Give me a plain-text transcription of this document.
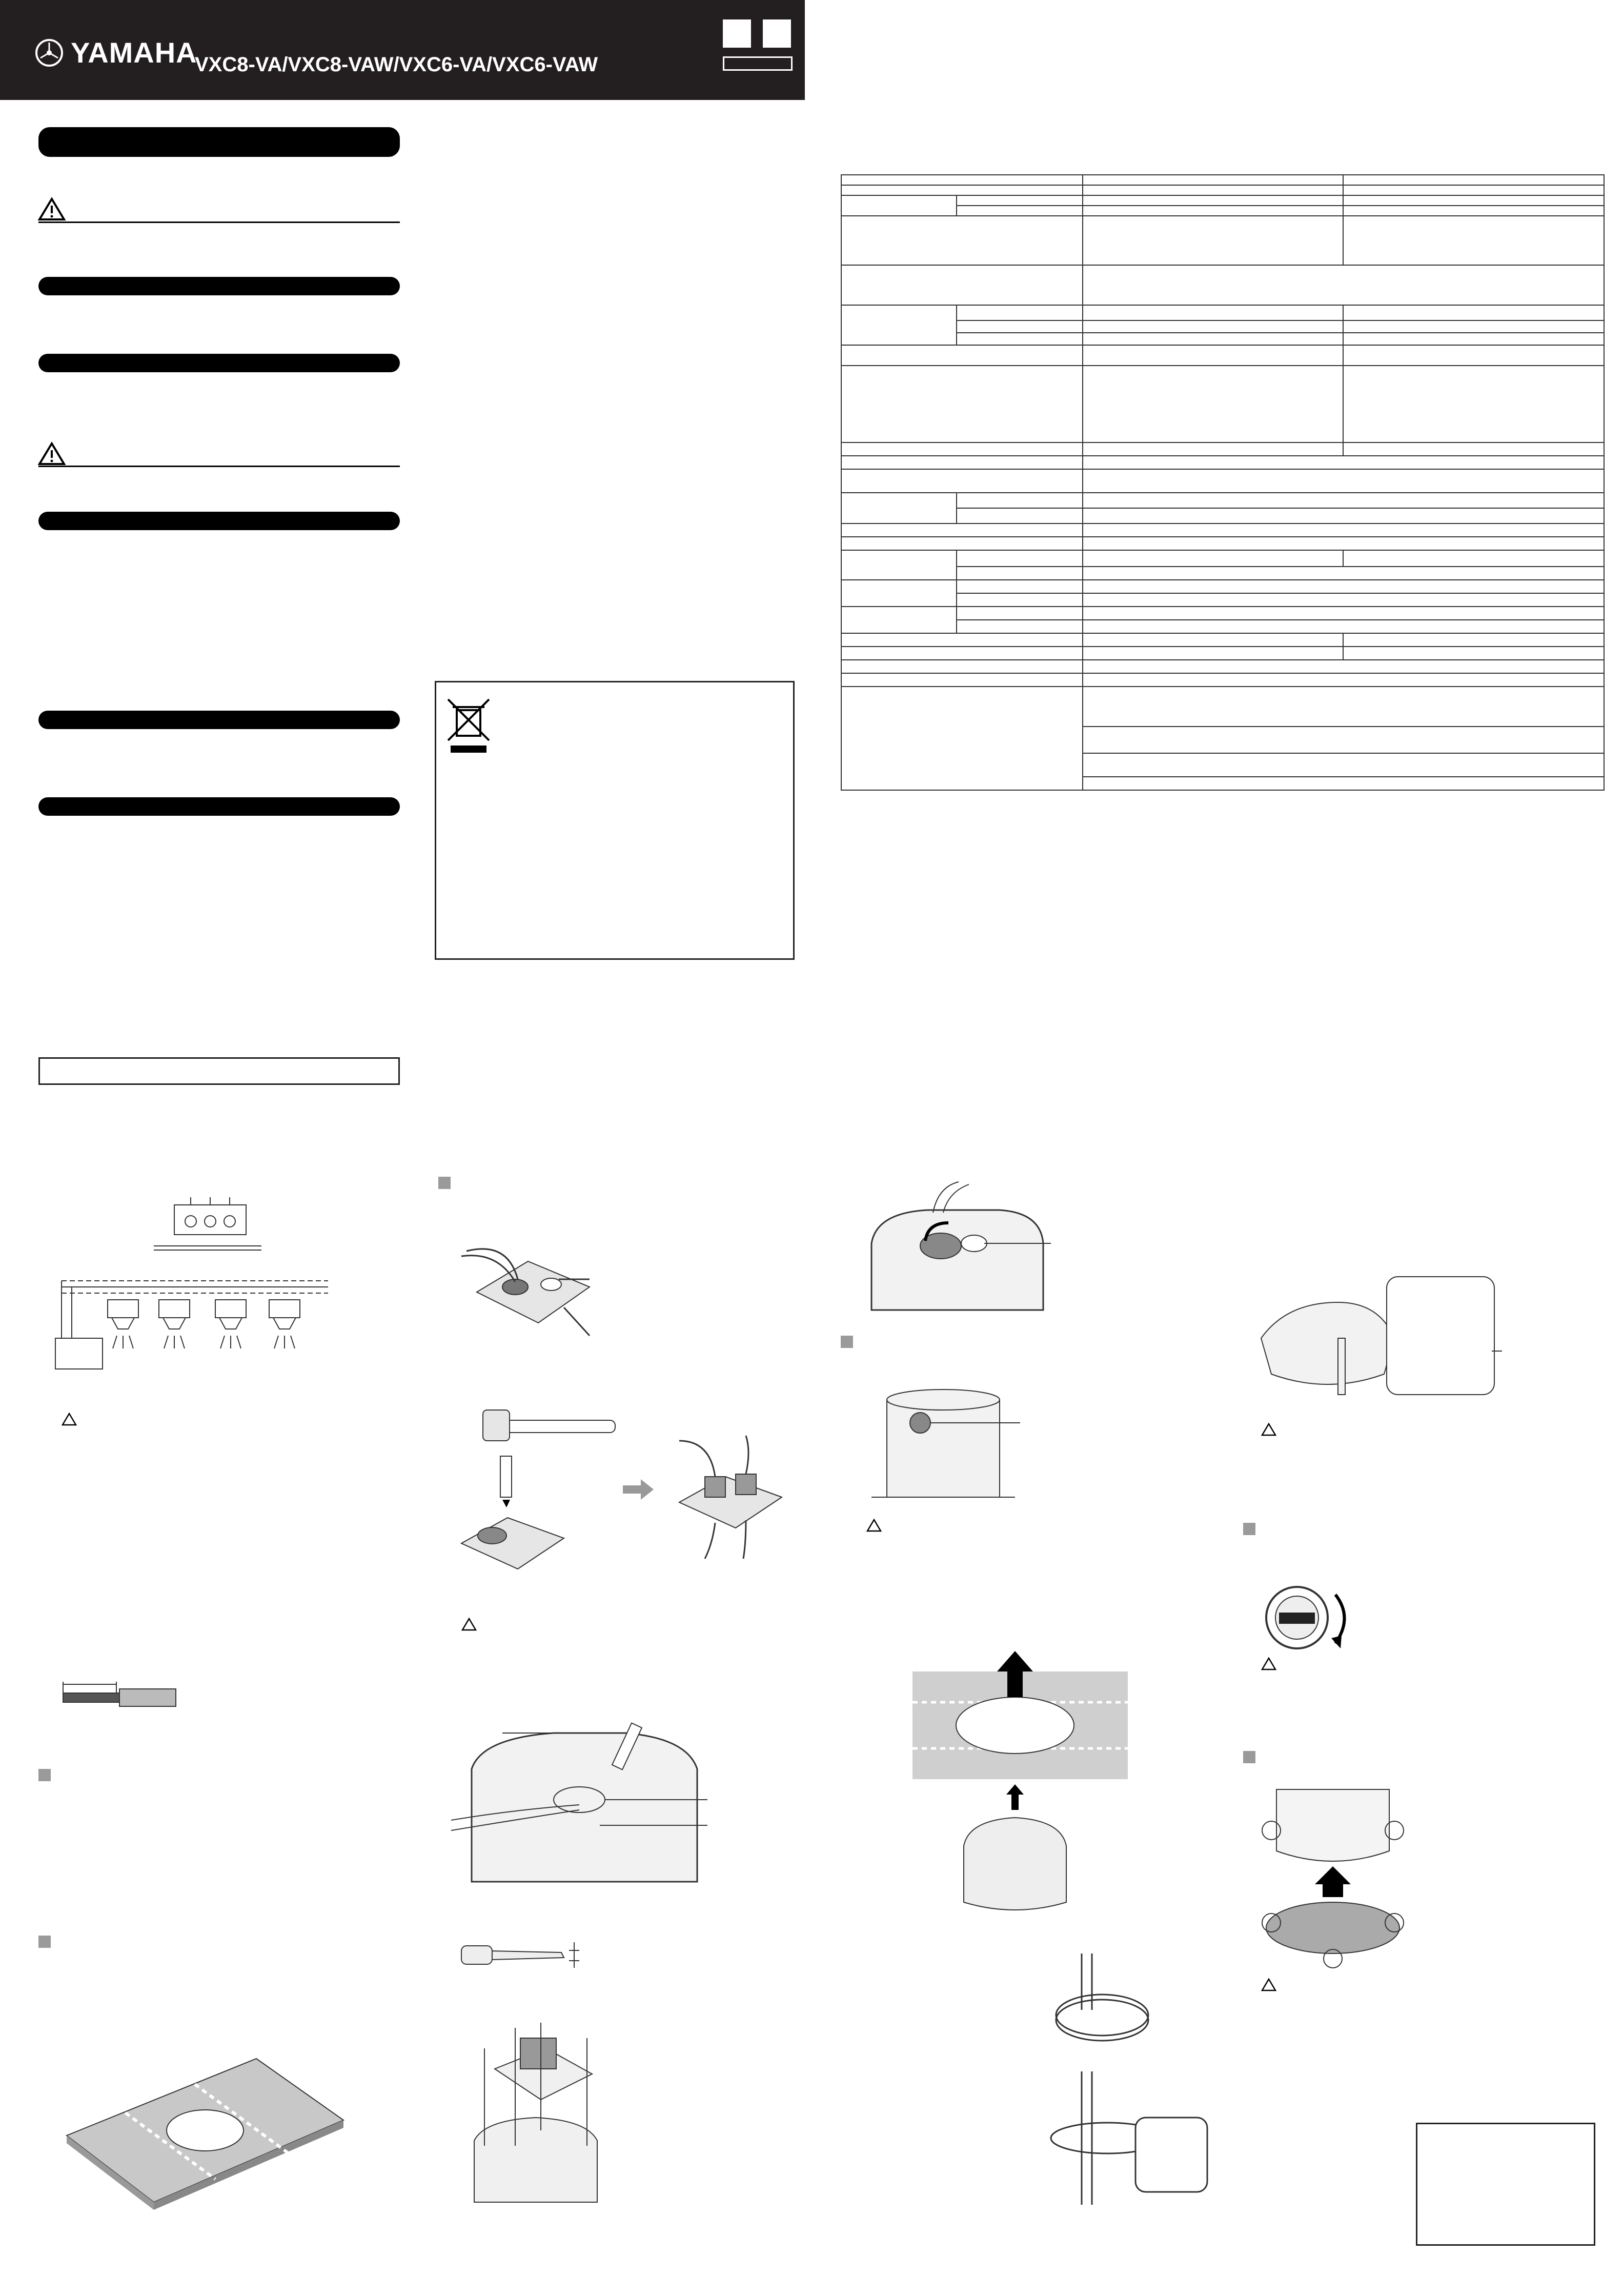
YAMAHA
VXC8-VA/VXC8-VAW/VXC6-VA/VXC6-VAW
